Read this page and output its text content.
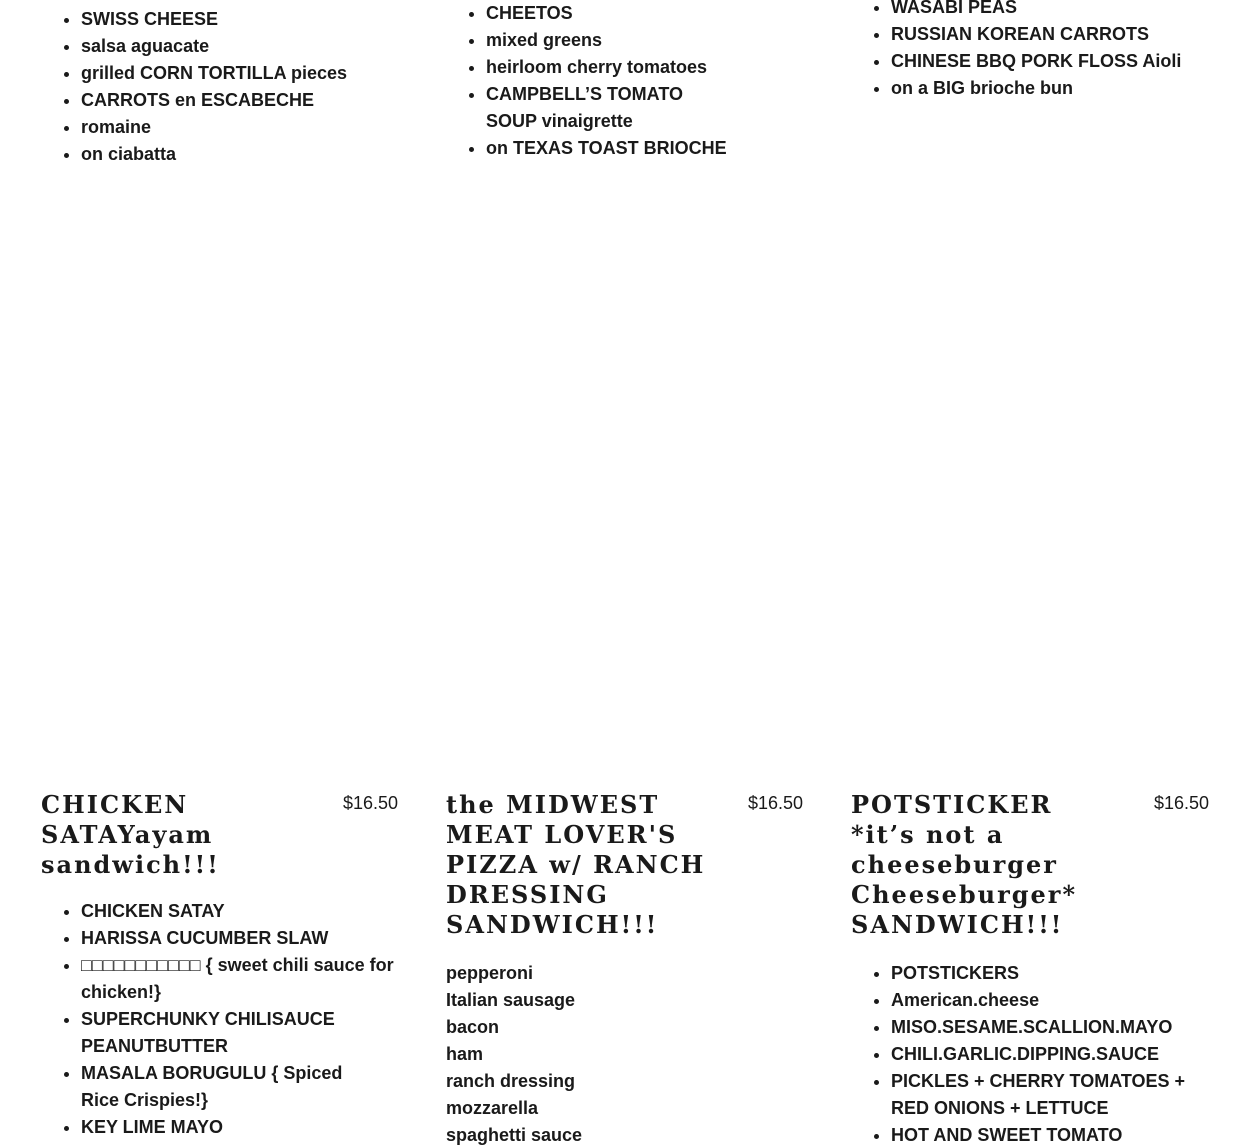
• SWISS CHEESE
• salsa aguacate
• grilled CORN TORTILLA pieces
• CARROTS en ESCABECHE
• romaine
• on ciabatta
• CHEETOS
• mixed greens
• heirloom cherry tomatoes
• CAMPBELL’S TOMATO SOUP vinaigrette
• on TEXAS TOAST BRIOCHE
• WASABI PEAS
• RUSSIAN KOREAN CARROTS
• CHINESE BBQ PORK FLOSS Aioli
• on a BIG brioche bun
CHICKEN SATAYayam sandwich!!!
$16.50
• CHICKEN SATAY
• HARISSA CUCUMBER SLAW
• □□□□□□□□□□□ { sweet chili sauce for chicken!}
• SUPERCHUNKY CHILISAUCE PEANUTBUTTER
• MASALA BORUGULU { Spiced Rice Crispies!}
• KEY LIME MAYO
the MIDWEST MEAT LOVER'S PIZZA w/ RANCH DRESSING SANDWICH!!!
$16.50
pepperoni
Italian sausage
bacon
ham
ranch dressing
mozzarella
spaghetti sauce
POTSTICKER *it’s not a cheeseburger Cheeseburger* SANDWICH!!!
$16.50
• POTSTICKERS
• American.cheese
• MISO.SESAME.SCALLION.MAYO
• CHILI.GARLIC.DIPPING.SAUCE
• PICKLES + CHERRY TOMATOES + RED ONIONS + LETTUCE
• HOT AND SWEET TOMATO
